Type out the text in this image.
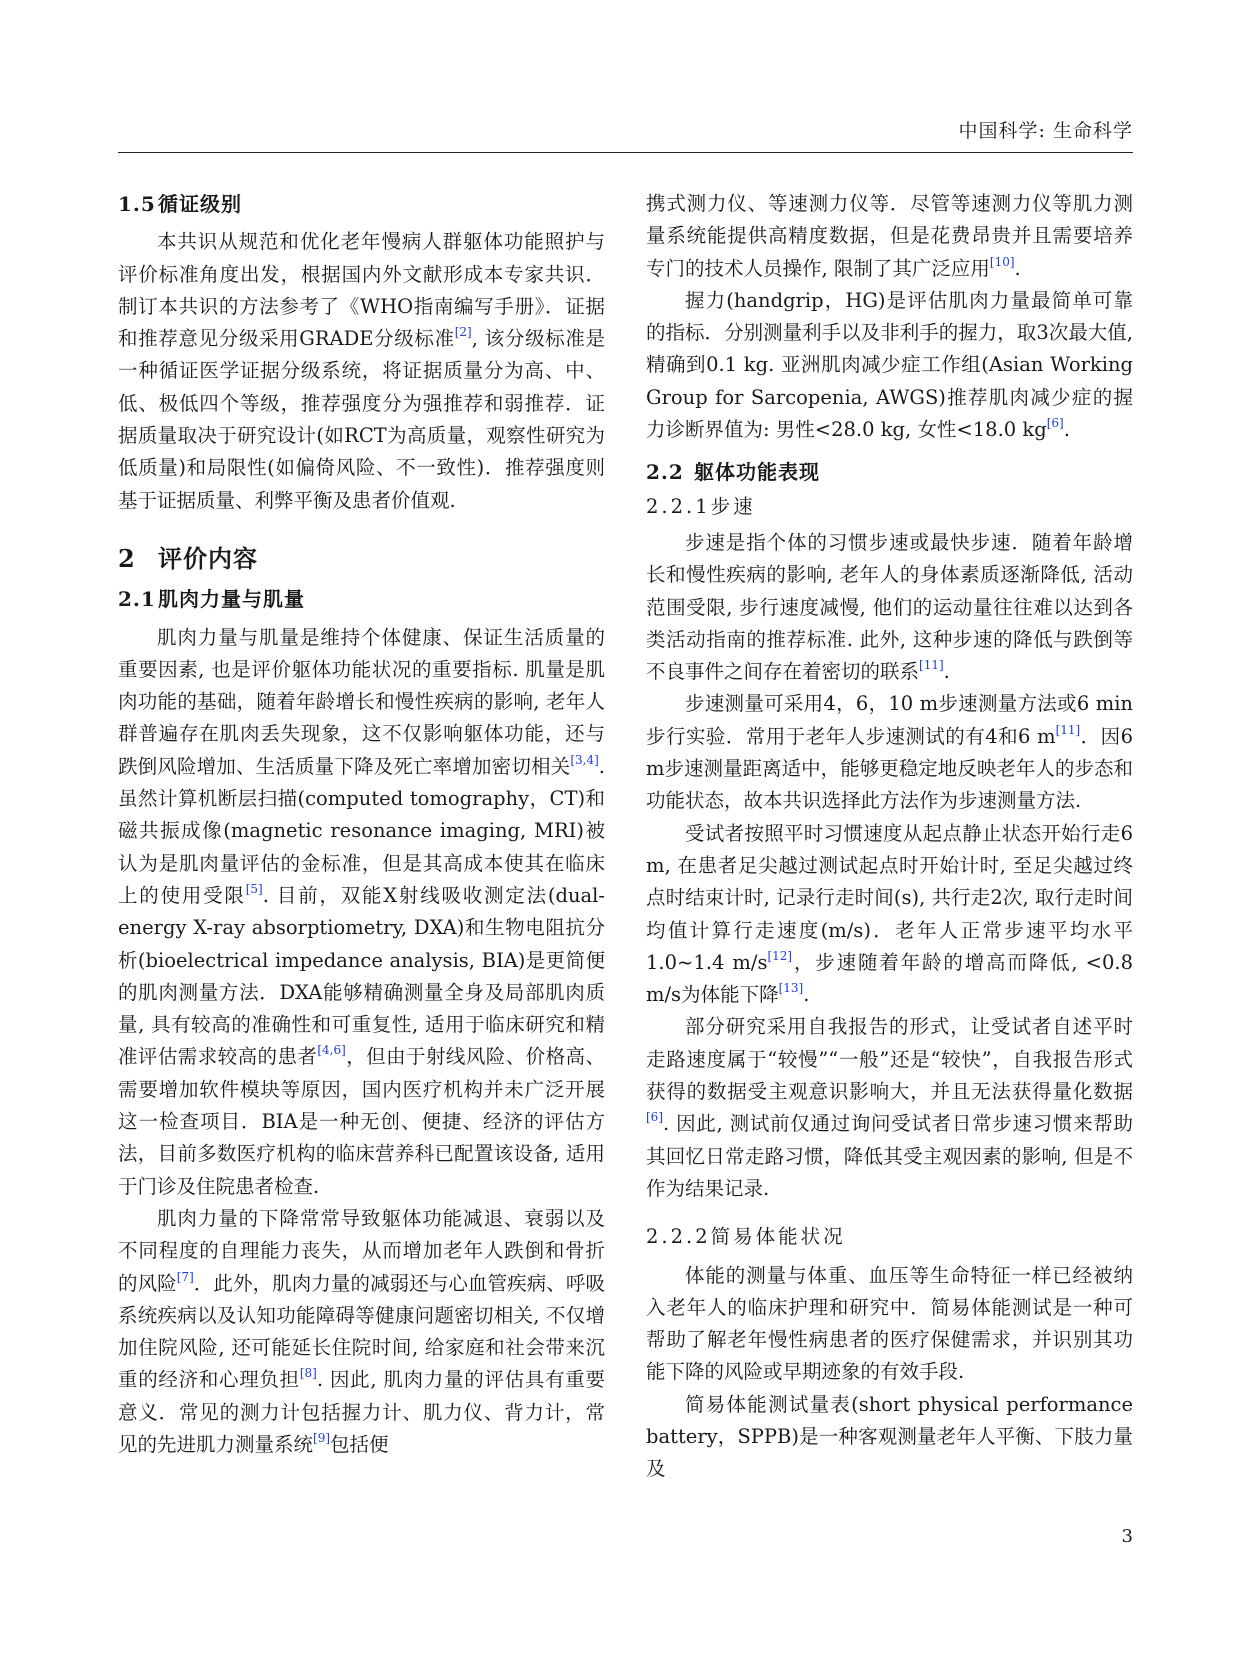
中国科学: 生命科学
1.5 循证级别

本共识从规范和优化老年慢病人群躯体功能照护与评价标准角度出发，根据国内外文献形成本专家共识．制订本共识的方法参考了《WHO指南编写手册》．证据和推荐意见分级采用GRADE分级标准[2], 该分级标准是一种循证医学证据分级系统，将证据质量分为高、中、低、极低四个等级，推荐强度分为强推荐和弱推荐．证据质量取决于研究设计(如RCT为高质量，观察性研究为低质量)和局限性(如偏倚风险、不一致性)．推荐强度则基于证据质量、利弊平衡及患者价值观.

2 评价内容
2.1 肌肉力量与肌量

肌肉力量与肌量是维持个体健康、保证生活质量的重要因素, 也是评价躯体功能状况的重要指标. 肌量是肌肉功能的基础，随着年龄增长和慢性疾病的影响, 老年人群普遍存在肌肉丢失现象，这不仅影响躯体功能，还与跌倒风险增加、生活质量下降及死亡率增加密切相关[3,4]. 虽然计算机断层扫描(computed tomography，CT)和磁共振成像(magnetic resonance imaging, MRI)被认为是肌肉量评估的金标准，但是其高成本使其在临床上的使用受限[5]. 目前，双能X射线吸收测定法(dual-energy X-ray absorptiometry, DXA)和生物电阻抗分析(bioelectrical impedance analysis, BIA)是更简便的肌肉测量方法．DXA能够精确测量全身及局部肌肉质量, 具有较高的准确性和可重复性, 适用于临床研究和精准评估需求较高的患者[4,6]，但由于射线风险、价格高、需要增加软件模块等原因，国内医疗机构并未广泛开展这一检查项目．BIA是一种无创、便捷、经济的评估方法，目前多数医疗机构的临床营养科已配置该设备, 适用于门诊及住院患者检查.

肌肉力量的下降常常导致躯体功能减退、衰弱以及不同程度的自理能力丧失，从而增加老年人跌倒和骨折的风险[7]．此外，肌肉力量的减弱还与心血管疾病、呼吸系统疾病以及认知功能障碍等健康问题密切相关, 不仅增加住院风险, 还可能延长住院时间, 给家庭和社会带来沉重的经济和心理负担[8]. 因此, 肌肉力量的评估具有重要意义．常见的测力计包括握力计、肌力仪、背力计，常见的先进肌力测量系统[9]包括便

携式测力仪、等速测力仪等．尽管等速测力仪等肌力测量系统能提供高精度数据，但是花费昂贵并且需要培养专门的技术人员操作, 限制了其广泛应用[10].

握力(handgrip，HG)是评估肌肉力量最简单可靠的指标．分别测量利手以及非利手的握力，取3次最大值, 精确到0.1 kg. 亚洲肌肉减少症工作组(Asian Working Group for Sarcopenia, AWGS)推荐肌肉减少症的握力诊断界值为: 男性<28.0 kg, 女性<18.0 kg[6].

2.2 躯体功能表现
2.2.1步速

步速是指个体的习惯步速或最快步速．随着年龄增长和慢性疾病的影响, 老年人的身体素质逐渐降低, 活动范围受限, 步行速度减慢, 他们的运动量往往难以达到各类活动指南的推荐标准. 此外, 这种步速的降低与跌倒等不良事件之间存在着密切的联系[11].

步速测量可采用4，6，10 m步速测量方法或6 min步行实验．常用于老年人步速测试的有4和6 m[11]．因6 m步速测量距离适中，能够更稳定地反映老年人的步态和功能状态，故本共识选择此方法作为步速测量方法.

受试者按照平时习惯速度从起点静止状态开始行走6 m, 在患者足尖越过测试起点时开始计时, 至足尖越过终点时结束计时, 记录行走时间(s), 共行走2次, 取行走时间均值计算行走速度(m/s)．老年人正常步速平均水平1.0~1.4 m/s[12]，步速随着年龄的增高而降低, <0.8 m/s为体能下降[13].

部分研究采用自我报告的形式，让受试者自述平时走路速度属于“较慢”“一般”还是“较快”，自我报告形式获得的数据受主观意识影响大，并且无法获得量化数据[6]. 因此, 测试前仅通过询问受试者日常步速习惯来帮助其回忆日常走路习惯，降低其受主观因素的影响, 但是不作为结果记录.

2.2.2简易体能状况

体能的测量与体重、血压等生命特征一样已经被纳入老年人的临床护理和研究中．简易体能测试是一种可帮助了解老年慢性病患者的医疗保健需求，并识别其功能下降的风险或早期迹象的有效手段.

简易体能测试量表(short physical performance battery，SPPB)是一种客观测量老年人平衡、下肢力量及

3
